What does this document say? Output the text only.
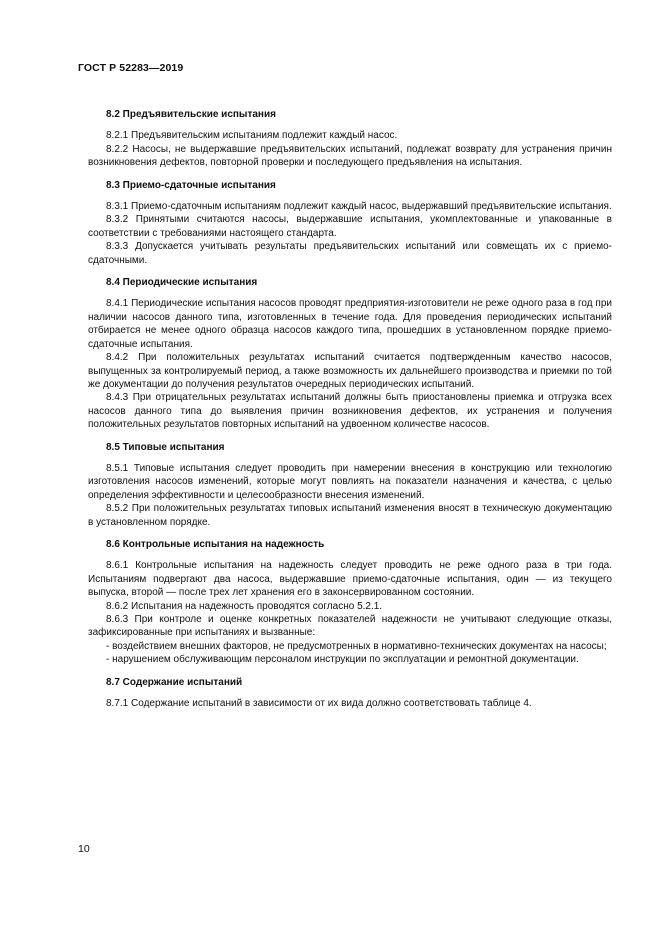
ГОСТ Р 52283—2019
8.2 Предъявительские испытания

8.2.1 Предъявительским испытаниям подлежит каждый насос.

8.2.2 Насосы, не выдержавшие предъявительских испытаний, подлежат возврату для устранения причин возникновения дефектов, повторной проверки и последующего предъявления на испытания.

8.3 Приемо-сдаточные испытания

8.3.1 Приемо-сдаточным испытаниям подлежит каждый насос, выдержавший предъявительские испытания.

8.3.2 Принятыми считаются насосы, выдержавшие испытания, укомплектованные и упакованные в соответствии с требованиями настоящего стандарта.

8.3.3 Допускается учитывать результаты предъявительских испытаний или совмещать их с приемо-сдаточными.

8.4 Периодические испытания

8.4.1 Периодические испытания насосов проводят предприятия-изготовители не реже одного раза в год при наличии насосов данного типа, изготовленных в течение года. Для проведения периодических испытаний отбирается не менее одного образца насосов каждого типа, прошедших в установленном порядке приемо-сдаточные испытания.

8.4.2 При положительных результатах испытаний считается подтвержденным качество насосов, выпущенных за контролируемый период, а также возможность их дальнейшего производства и приемки по той же документации до получения результатов очередных периодических испытаний.

8.4.3 При отрицательных результатах испытаний должны быть приостановлены приемка и отгрузка всех насосов данного типа до выявления причин возникновения дефектов, их устранения и получения положительных результатов повторных испытаний на удвоенном количестве насосов.

8.5 Типовые испытания

8.5.1 Типовые испытания следует проводить при намерении внесения в конструкцию или технологию изготовления насосов изменений, которые могут повлиять на показатели назначения и качества, с целью определения эффективности и целесообразности внесения изменений.

8.5.2 При положительных результатах типовых испытаний изменения вносят в техническую документацию в установленном порядке.

8.6 Контрольные испытания на надежность

8.6.1 Контрольные испытания на надежность следует проводить не реже одного раза в три года. Испытаниям подвергают два насоса, выдержавшие приемо-сдаточные испытания, один — из текущего выпуска, второй — после трех лет хранения его в законсервированном состоянии.

8.6.2 Испытания на надежность проводятся согласно 5.2.1.

8.6.3 При контроле и оценке конкретных показателей надежности не учитывают следующие отказы, зафиксированные при испытаниях и вызванные:

- воздействием внешних факторов, не предусмотренных в нормативно-технических документах на насосы;

- нарушением обслуживающим персоналом инструкции по эксплуатации и ремонтной документации.

8.7 Содержание испытаний

8.7.1 Содержание испытаний в зависимости от их вида должно соответствовать таблице 4.

10
